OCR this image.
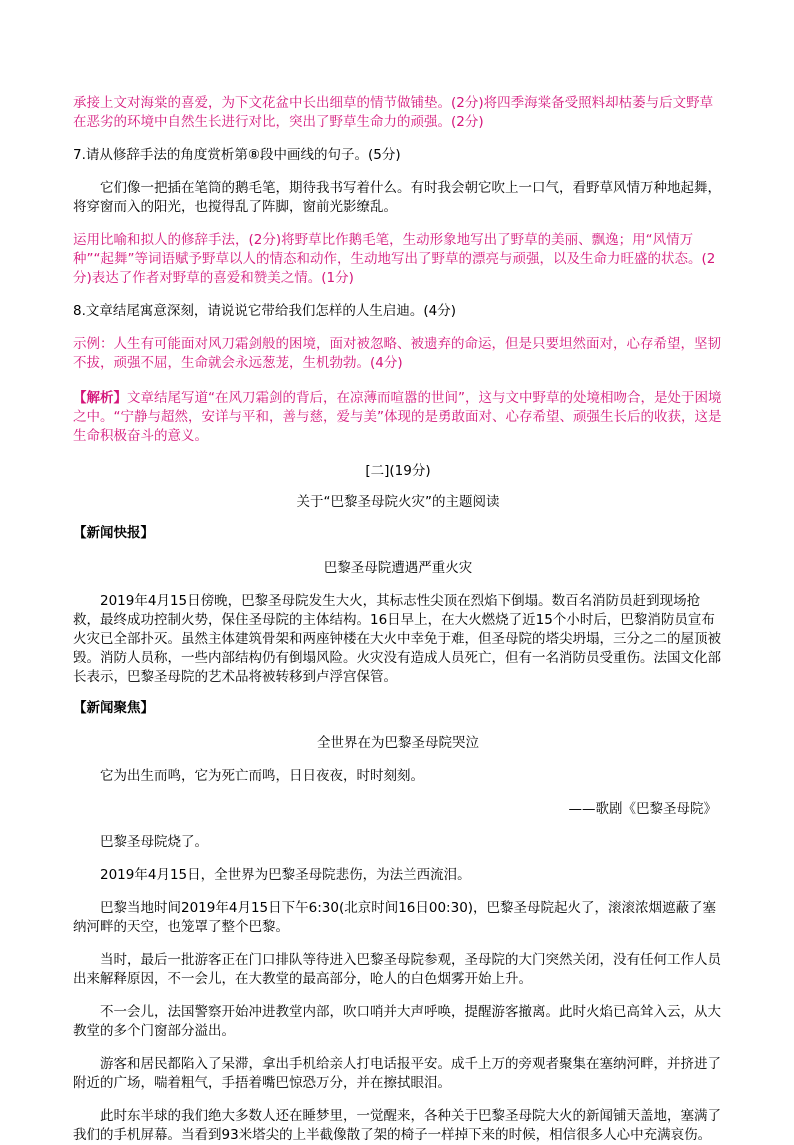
承接上文对海棠的喜爱，为下文花盆中长出细草的情节做铺垫。(2分)将四季海棠备受照料却枯萎与后文野草在恶劣的环境中自然生长进行对比，突出了野草生命力的顽强。(2分)

7.请从修辞手法的角度赏析第⑧段中画线的句子。(5分)

它们像一把插在笔筒的鹅毛笔，期待我书写着什么。有时我会朝它吹上一口气，看野草风情万种地起舞，将穿窗而入的阳光，也搅得乱了阵脚，窗前光影缭乱。

运用比喻和拟人的修辞手法，(2分)将野草比作鹅毛笔，生动形象地写出了野草的美丽、飘逸；用“风情万种”“起舞”等词语赋予野草以人的情态和动作，生动地写出了野草的漂亮与顽强，以及生命力旺盛的状态。(2分)表达了作者对野草的喜爱和赞美之情。(1分)

8.文章结尾寓意深刻，请说说它带给我们怎样的人生启迪。(4分)

示例：人生有可能面对风刀霜剑般的困境，面对被忽略、被遗弃的命运，但是只要坦然面对，心存希望，坚韧不拔，顽强不屈，生命就会永远葱茏，生机勃勃。(4分)

【解析】文章结尾写道“在风刀霜剑的背后，在凉薄而喧嚣的世间”，这与文中野草的处境相吻合，是处于困境之中。“宁静与超然，安详与平和，善与慈，爱与美”体现的是勇敢面对、心存希望、顽强生长后的收获，这是生命积极奋斗的意义。

[二](19分)

关于“巴黎圣母院火灾”的主题阅读

【新闻快报】

巴黎圣母院遭遇严重火灾

2019年4月15日傍晚，巴黎圣母院发生大火，其标志性尖顶在烈焰下倒塌。数百名消防员赶到现场抢救，最终成功控制火势，保住圣母院的主体结构。16日早上，在大火燃烧了近15个小时后，巴黎消防员宣布火灾已全部扑灭。虽然主体建筑骨架和两座钟楼在大火中幸免于难，但圣母院的塔尖坍塌，三分之二的屋顶被毁。消防人员称，一些内部结构仍有倒塌风险。火灾没有造成人员死亡，但有一名消防员受重伤。法国文化部长表示，巴黎圣母院的艺术品将被转移到卢浮宫保管。

【新闻聚焦】

全世界在为巴黎圣母院哭泣

它为出生而鸣，它为死亡而鸣，日日夜夜，时时刻刻。

——歌剧《巴黎圣母院》

巴黎圣母院烧了。

2019年4月15日，全世界为巴黎圣母院悲伤，为法兰西流泪。

巴黎当地时间2019年4月15日下午6:30(北京时间16日00:30)，巴黎圣母院起火了，滚滚浓烟遮蔽了塞纳河畔的天空，也笼罩了整个巴黎。

当时，最后一批游客正在门口排队等待进入巴黎圣母院参观，圣母院的大门突然关闭，没有任何工作人员出来解释原因，不一会儿，在大教堂的最高部分，呛人的白色烟雾开始上升。

不一会儿，法国警察开始冲进教堂内部，吹口哨并大声呼唤，提醒游客撤离。此时火焰已高耸入云，从大教堂的多个门窗部分溢出。

游客和居民都陷入了呆滞，拿出手机给亲人打电话报平安。成千上万的旁观者聚集在塞纳河畔，并挤进了附近的广场，喘着粗气，手捂着嘴巴惊恐万分，并在擦拭眼泪。

此时东半球的我们绝大多数人还在睡梦里，一觉醒来，各种关于巴黎圣母院大火的新闻铺天盖地，塞满了我们的手机屏幕。当看到93米塔尖的上半截像散了架的椅子一样掉下来的时候，相信很多人心中充满哀伤。
